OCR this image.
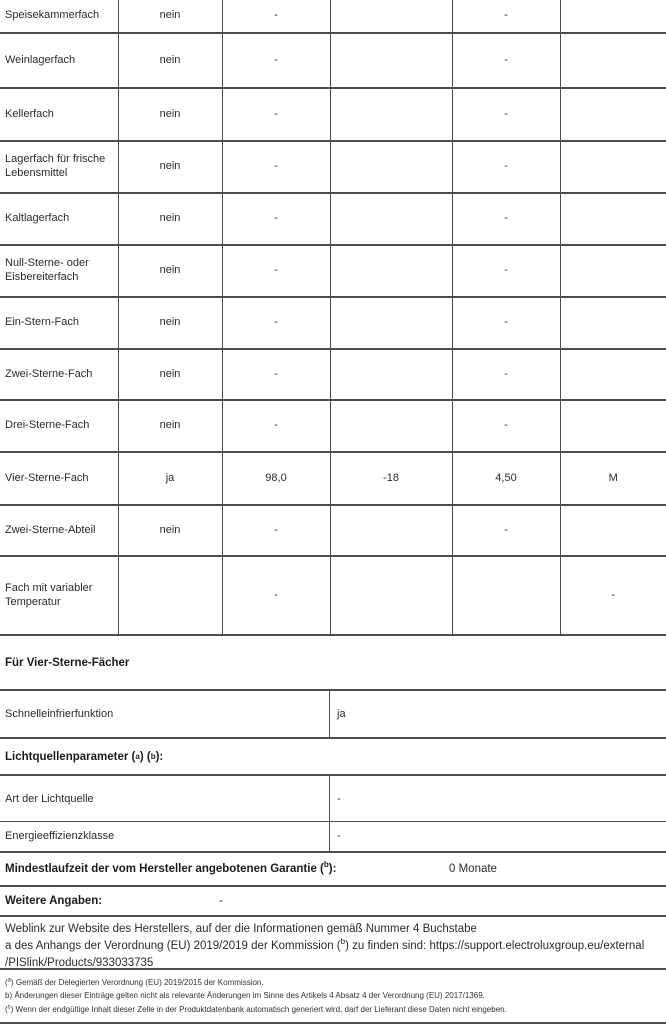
Speisekammerfach	nein	-		-	
Weinlagerfach	nein	-		-	
Kellerfach	nein	-		-	
Lagerfach für frische Lebensmittel	nein	-		-	
Kaltlagerfach	nein	-		-	
Null-Sterne- oder Eisbereiterfach	nein	-		-	
Ein-Stern-Fach	nein	-		-	
Zwei-Sterne-Fach	nein	-		-	
Drei-Sterne-Fach	nein	-		-	
Vier-Sterne-Fach	ja	98,0	-18	4,50	M
Zwei-Sterne-Abteil	nein	-		-	
Fach mit variabler Temperatur		-			-
Für Vier-Sterne-Fächer
Schnelleinfrierfunktion	ja
Lichtquellenparameter ( a ) ( b ):
Art der Lichtquelle	-
Energieeffizienzklasse	-
Mindestlaufzeit der vom Hersteller angebotenen Garantie ($^b$):	0 Monate
Weitere Angaben:	-
Weblink zur Website des Herstellers, auf der die Informationen gemäß Nummer 4 Buchstabe
a des Anhangs der Verordnung (EU) 2019/2019 der Kommission ($^b$) zu finden sind: https://support.electroluxgroup.eu/external
/PISlink/Products/933033735
($^a$) Gemäß der Delegierten Verordnung (EU) 2019/2015 der Kommission.
b) Änderungen dieser Einträge gelten nicht als relevante Änderungen im Sinne des Artikels 4 Absatz 4 der Verordnung (EU) 2017/1369.
($^c$) Wenn der endgültige Inhalt dieser Zelle in der Produktdatenbank automatisch generiert wird, darf der Lieferant diese Daten nicht eingeben.
